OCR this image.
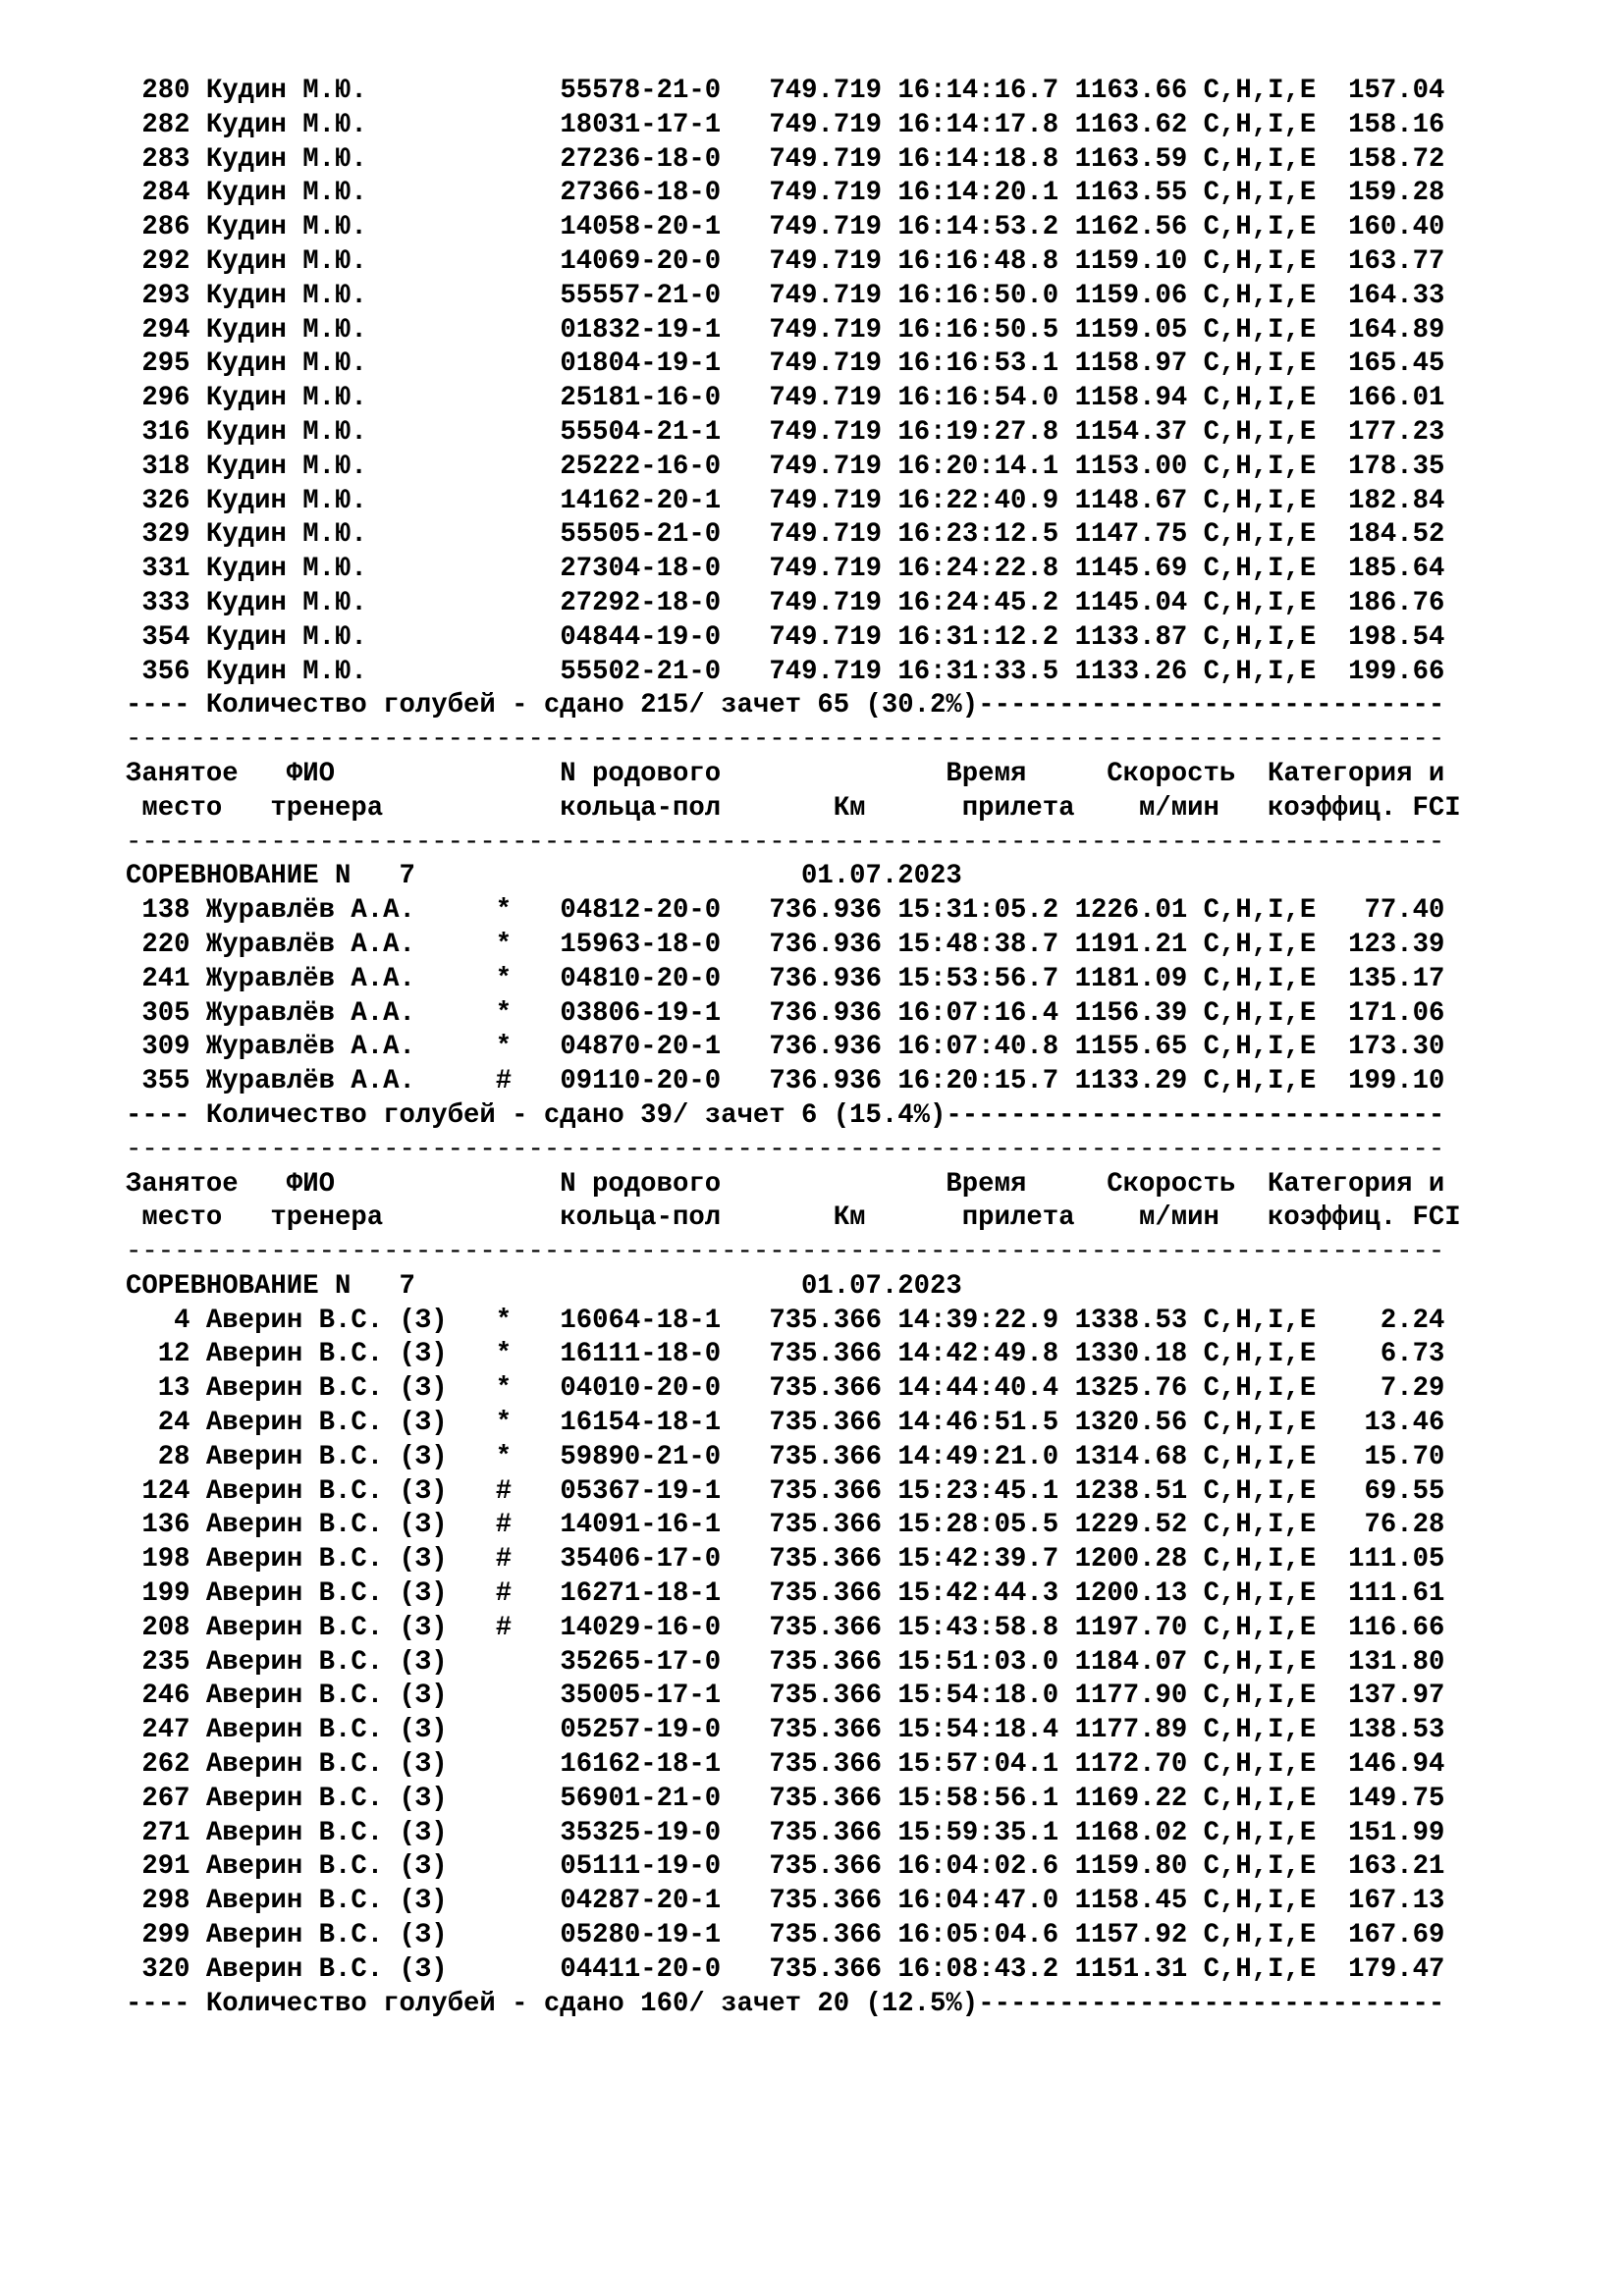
280 Кудин М.Ю.	55578-21-0 749.719 16:14:16.7 1163.66 C,H,I,E  157.04
282 Кудин М.Ю.	18031-17-1 749.719 16:14:17.8 1163.62 C,H,I,E  158.16
283 Кудин М.Ю.	27236-18-0 749.719 16:14:18.8 1163.59 C,H,I,E  158.72
284 Кудин М.Ю.	27366-18-0 749.719 16:14:20.1 1163.55 C,H,I,E  159.28
286 Кудин М.Ю.	14058-20-1 749.719 16:14:53.2 1162.56 C,H,I,E  160.40
292 Кудин М.Ю.	14069-20-0 749.719 16:16:48.8 1159.10 C,H,I,E  163.77
293 Кудин М.Ю.	55557-21-0 749.719 16:16:50.0 1159.06 C,H,I,E  164.33
294 Кудин М.Ю.	01832-19-1 749.719 16:16:50.5 1159.05 C,H,I,E  164.89
295 Кудин М.Ю.	01804-19-1 749.719 16:16:53.1 1158.97 C,H,I,E  165.45
296 Кудин М.Ю.	25181-16-0 749.719 16:16:54.0 1158.94 C,H,I,E  166.01
316 Кудин М.Ю.	55504-21-1 749.719 16:19:27.8 1154.37 C,H,I,E  177.23
318 Кудин М.Ю.	25222-16-0 749.719 16:20:14.1 1153.00 C,H,I,E  178.35
326 Кудин М.Ю.	14162-20-1 749.719 16:22:40.9 1148.67 C,H,I,E  182.84
329 Кудин М.Ю.	55505-21-0 749.719 16:23:12.5 1147.75 C,H,I,E  184.52
331 Кудин М.Ю.	27304-18-0 749.719 16:24:22.8 1145.69 C,H,I,E  185.64
333 Кудин М.Ю.	27292-18-0 749.719 16:24:45.2 1145.04 C,H,I,E  186.76
354 Кудин М.Ю.	04844-19-0 749.719 16:31:12.2 1133.87 C,H,I,E  198.54
356 Кудин М.Ю.	55502-21-0 749.719 16:31:33.5 1133.26 C,H,I,E  199.66
---- Количество голубей - сдано 215/ зачет 65 (30.2%)-----------------------------
----------------------------------------------------------------------------------
Занятое   ФИО              N родового              Время     Скорость  Категория и
место   тренера           кольца-пол       Км      прилета    м/мин   коэффиц. FCI
----------------------------------------------------------------------------------
СОРЕВНОВАНИЕ N   7	01.07.2023
138 Журавлёв А.А.     * 04812-20-0 736.936 15:31:05.2 1226.01 C,H,I,E   77.40
220 Журавлёв А.А.     * 15963-18-0 736.936 15:48:38.7 1191.21 C,H,I,E  123.39
241 Журавлёв А.А.     * 04810-20-0 736.936 15:53:56.7 1181.09 C,H,I,E  135.17
305 Журавлёв А.А.     * 03806-19-1 736.936 16:07:16.4 1156.39 C,H,I,E  171.06
309 Журавлёв А.А.     * 04870-20-1 736.936 16:07:40.8 1155.65 C,H,I,E  173.30
355 Журавлёв А.А.     # 09110-20-0 736.936 16:20:15.7 1133.29 C,H,I,E  199.10
---- Количество голубей - сдано 39/ зачет 6 (15.4%)-------------------------------
----------------------------------------------------------------------------------
Занятое   ФИО              N родового              Время     Скорость  Категория и
место   тренера           кольца-пол       Км      прилета    м/мин   коэффиц. FCI
----------------------------------------------------------------------------------
СОРЕВНОВАНИЕ N   7	01.07.2023
4 Аверин В.С. (З)   * 16064-18-1 735.366 14:39:22.9 1338.53 C,H,I,E    2.24
12 Аверин В.С. (З)   * 16111-18-0 735.366 14:42:49.8 1330.18 C,H,I,E    6.73
13 Аверин В.С. (З)   * 04010-20-0 735.366 14:44:40.4 1325.76 C,H,I,E    7.29
24 Аверин В.С. (З)   * 16154-18-1 735.366 14:46:51.5 1320.56 C,H,I,E   13.46
28 Аверин В.С. (З)   * 59890-21-0 735.366 14:49:21.0 1314.68 C,H,I,E   15.70
124 Аверин В.С. (З)   # 05367-19-1 735.366 15:23:45.1 1238.51 C,H,I,E   69.55
136 Аверин В.С. (З)   # 14091-16-1 735.366 15:28:05.5 1229.52 C,H,I,E   76.28
198 Аверин В.С. (З)   # 35406-17-0 735.366 15:42:39.7 1200.28 C,H,I,E  111.05
199 Аверин В.С. (З)   # 16271-18-1 735.366 15:42:44.3 1200.13 C,H,I,E  111.61
208 Аверин В.С. (З)   # 14029-16-0 735.366 15:43:58.8 1197.70 C,H,I,E  116.66
235 Аверин В.С. (З)	35265-17-0 735.366 15:51:03.0 1184.07 C,H,I,E  131.80
246 Аверин В.С. (З)	35005-17-1 735.366 15:54:18.0 1177.90 C,H,I,E  137.97
247 Аверин В.С. (З)	05257-19-0 735.366 15:54:18.4 1177.89 C,H,I,E  138.53
262 Аверин В.С. (З)	16162-18-1 735.366 15:57:04.1 1172.70 C,H,I,E  146.94
267 Аверин В.С. (З)	56901-21-0 735.366 15:58:56.1 1169.22 C,H,I,E  149.75
271 Аверин В.С. (З)	35325-19-0 735.366 15:59:35.1 1168.02 C,H,I,E  151.99
291 Аверин В.С. (З)	05111-19-0 735.366 16:04:02.6 1159.80 C,H,I,E  163.21
298 Аверин В.С. (З)	04287-20-1 735.366 16:04:47.0 1158.45 C,H,I,E  167.13
299 Аверин В.С. (З)	05280-19-1 735.366 16:05:04.6 1157.92 C,H,I,E  167.69
320 Аверин В.С. (З)	04411-20-0 735.366 16:08:43.2 1151.31 C,H,I,E  179.47
---- Количество голубей - сдано 160/ зачет 20 (12.5%)-----------------------------
